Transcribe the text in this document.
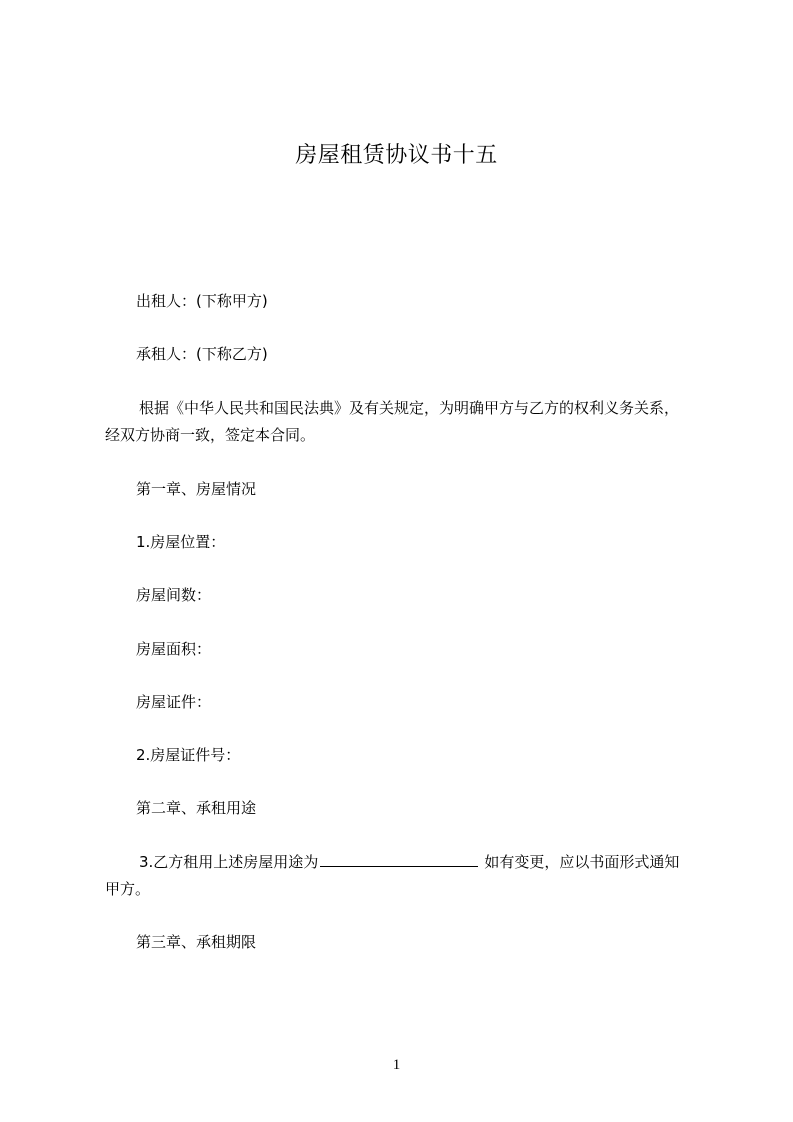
房屋租赁协议书十五
出租人：(下称甲方)
承租人：(下称乙方)
根据《中华人民共和国民法典》及有关规定，为明确甲方与乙方的权利义务关系，
经双方协商一致，签定本合同。
第一章、房屋情况
1.房屋位置：
房屋间数：
房屋面积：
房屋证件：
2.房屋证件号：
第二章、承租用途
3.乙方租用上述房屋用途为	如有变更，应以书面形式通知
甲方。
第三章、承租期限
1
